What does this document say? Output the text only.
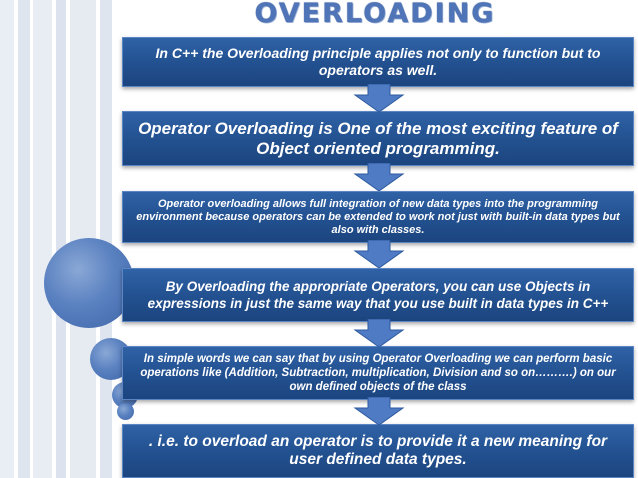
OVERLOADING
In C++ the Overloading principle applies not only to function but to operators as well.
Operator Overloading is One of the most exciting feature of Object oriented programming.
Operator overloading allows full integration of new data types into the programming environment because operators can be extended to work not just with built-in data types but also with classes.
By Overloading the appropriate Operators, you can use Objects in expressions in just the same way that you use built in data types in C++
In simple words we can say that by using Operator Overloading we can perform basic operations like (Addition, Subtraction, multiplication, Division and so on……….) on our own defined objects of the class
. i.e. to overload an operator is to provide it a new meaning for user defined data types.
